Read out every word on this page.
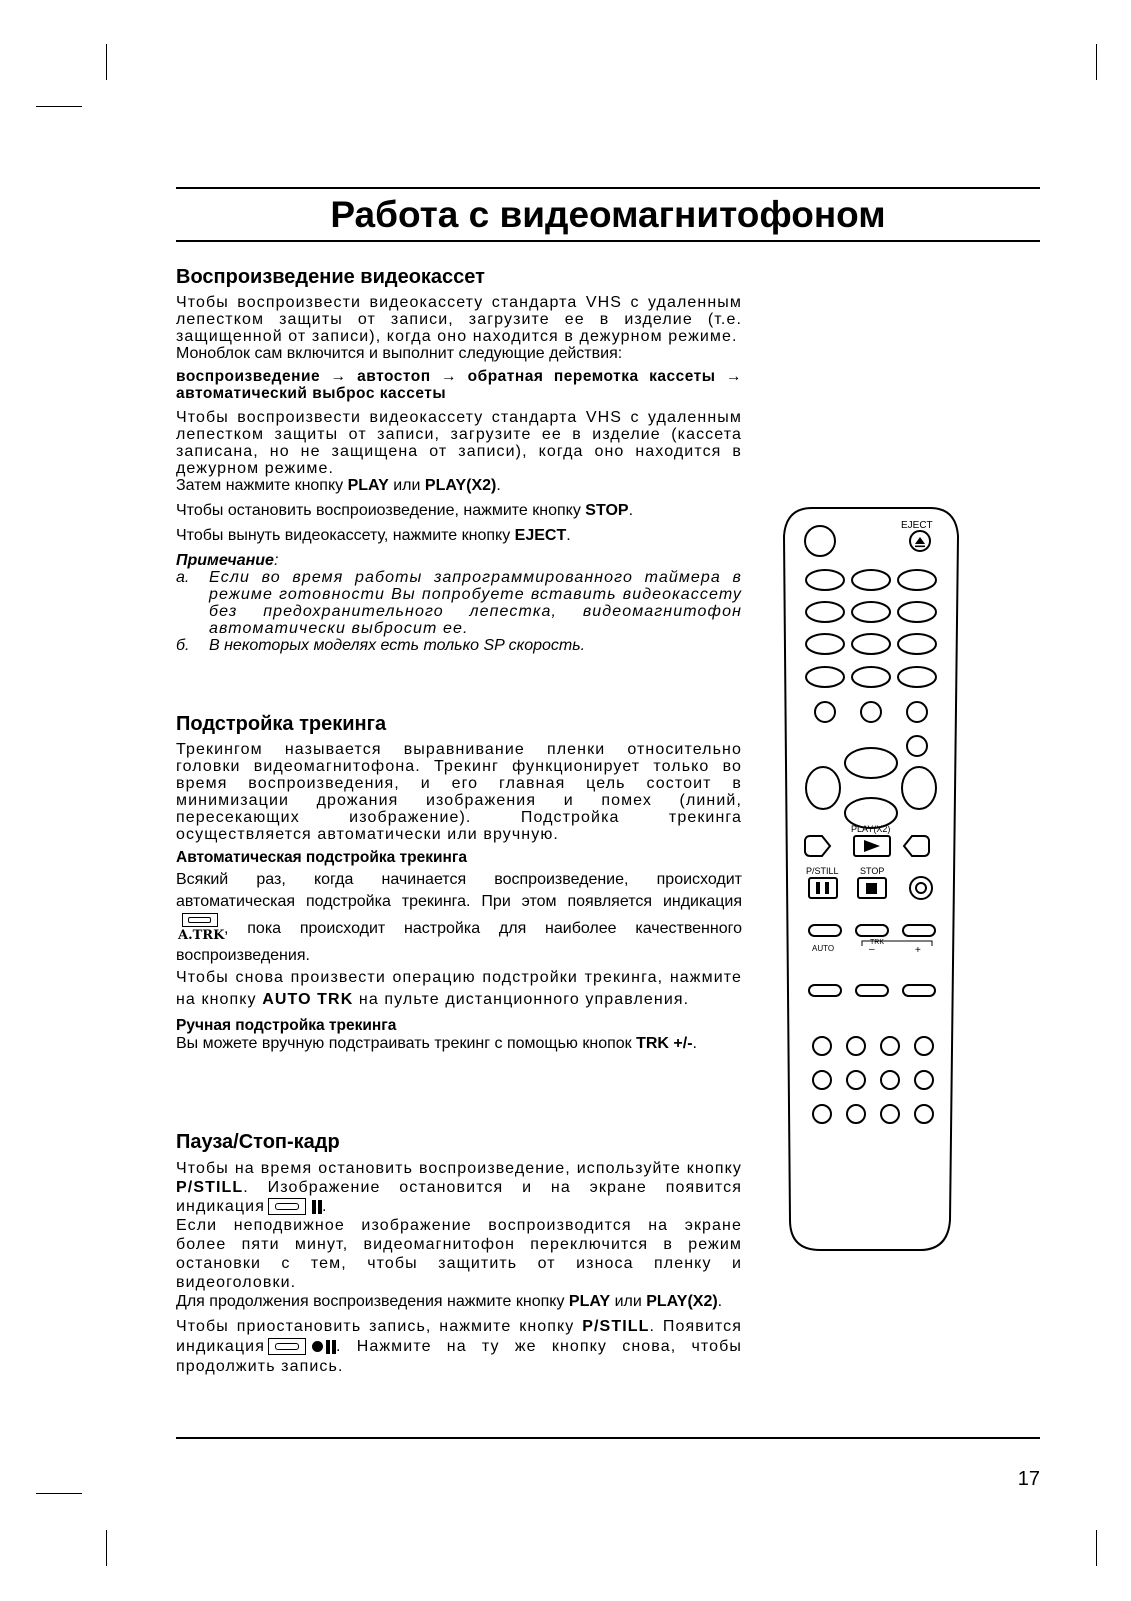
Работа с видеомагнитофоном
Воспроизведение видеокассет

Чтобы воспроизвести видеокассету стандарта VHS с удаленным лепестком защиты от записи, загрузите ее в изделие (т.е. защищенной от записи), когда оно находится в дежурном режиме.

Моноблок сам включится и выполнит следующие действия:

воспроизведение → автостоп → обратная перемотка кассеты → автоматический выброс кассеты

Чтобы воспроизвести видеокассету стандарта VHS с удаленным лепестком защиты от записи, загрузите ее в изделие (кассета записана, но не защищена от записи), когда оно находится в дежурном режиме.

Затем нажмите кнопку PLAY или PLAY(X2).

Чтобы остановить воспроиозведение, нажмите кнопку STOP.

Чтобы вынуть видеокассету, нажмите кнопку EJECT.

Примечание:

а.	Если во время работы запрограммированного таймера в режиме готовности Вы попробуете вставить видеокассету без предохранительного лепестка, видеомагнитофон автоматически выбросит ее.
б.	В некоторых моделях есть только SP скорость.
Подстройка трекинга

Трекингом называется выравнивание пленки относительно головки видеомагнитофона. Трекинг функционирует только во время воспроизведения, и его главная цель состоит в минимизации дрожания изображения и помех (линий, пересекающих изображение). Подстройка трекинга осуществляется автоматически или вручную.

Автоматическая подстройка трекинга

Всякий раз, когда начинается воспроизведение, происходит автоматическая подстройка трекинга. При этом появляется индикация
A.TRK , пока происходит настройка для наиболее качественного воспроизведения.

Чтобы снова произвести операцию подстройки трекинга, нажмите на кнопку AUTO TRK на пульте дистанционного управления.

Ручная подстройка трекинга

Вы можете вручную подстраивать трекинг с помощью кнопок TRK +/-.

Пауза/Стоп-кадр

Чтобы на время остановить воспроизведение, используйте кнопку P/STILL. Изображение остановится и на экране появится индикация	.

Если неподвижное изображение воспроизводится на экране более пяти минут, видеомагнитофон переключится в режим остановки с тем, чтобы защитить от износа пленку и видеоголовки.

Для продолжения воспроизведения нажмите кнопку PLAY или PLAY(X2).

Чтобы приостановить запись, нажмите кнопку P/STILL. Появится индикация	. Нажмите на ту же кнопку снова, чтобы продолжить запись.

EJECT
PLAY(X2)
P/STILL STOP
AUTO
TRK
–	+
17
